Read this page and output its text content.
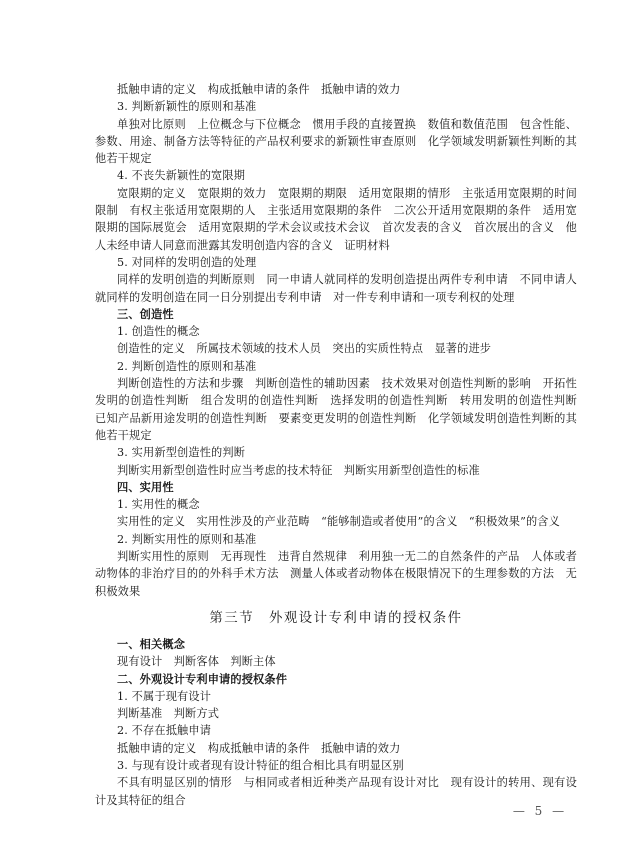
抵触申请的定义　构成抵触申请的条件　抵触申请的效力
3. 判断新颖性的原则和基准
单独对比原则　上位概念与下位概念　惯用手段的直接置换　数值和数值范围　包含性能、参数、用途、制备方法等特征的产品权利要求的新颖性审查原则　化学领域发明新颖性判断的其他若干规定
4. 不丧失新颖性的宽限期
宽限期的定义　宽限期的效力　宽限期的期限　适用宽限期的情形　主张适用宽限期的时间限制　有权主张适用宽限期的人　主张适用宽限期的条件　二次公开适用宽限期的条件　适用宽限期的国际展览会　适用宽限期的学术会议或技术会议　首次发表的含义　首次展出的含义　他人未经申请人同意而泄露其发明创造内容的含义　证明材料
5. 对同样的发明创造的处理
同样的发明创造的判断原则　同一申请人就同样的发明创造提出两件专利申请　不同申请人就同样的发明创造在同一日分别提出专利申请　对一件专利申请和一项专利权的处理
三、创造性
1. 创造性的概念
创造性的定义　所属技术领域的技术人员　突出的实质性特点　显著的进步
2. 判断创造性的原则和基准
判断创造性的方法和步骤　判断创造性的辅助因素　技术效果对创造性判断的影响　开拓性发明的创造性判断　组合发明的创造性判断　选择发明的创造性判断　转用发明的创造性判断　已知产品新用途发明的创造性判断　要素变更发明的创造性判断　化学领域发明创造性判断的其他若干规定
3. 实用新型创造性的判断
判断实用新型创造性时应当考虑的技术特征　判断实用新型创造性的标准
四、实用性
1. 实用性的概念
实用性的定义　实用性涉及的产业范畴　“能够制造或者使用”的含义　“积极效果”的含义
2. 判断实用性的原则和基准
判断实用性的原则　无再现性　违背自然规律　利用独一无二的自然条件的产品　人体或者动物体的非治疗目的的外科手术方法　测量人体或者动物体在极限情况下的生理参数的方法　无积极效果
第三节　外观设计专利申请的授权条件
一、相关概念
现有设计　判断客体　判断主体
二、外观设计专利申请的授权条件
1. 不属于现有设计
判断基准　判断方式
2. 不存在抵触申请
抵触申请的定义　构成抵触申请的条件　抵触申请的效力
3. 与现有设计或者现有设计特征的组合相比具有明显区别
不具有明显区别的情形　与相同或者相近种类产品现有设计对比　现有设计的转用、现有设计及其特征的组合
— 5 —
